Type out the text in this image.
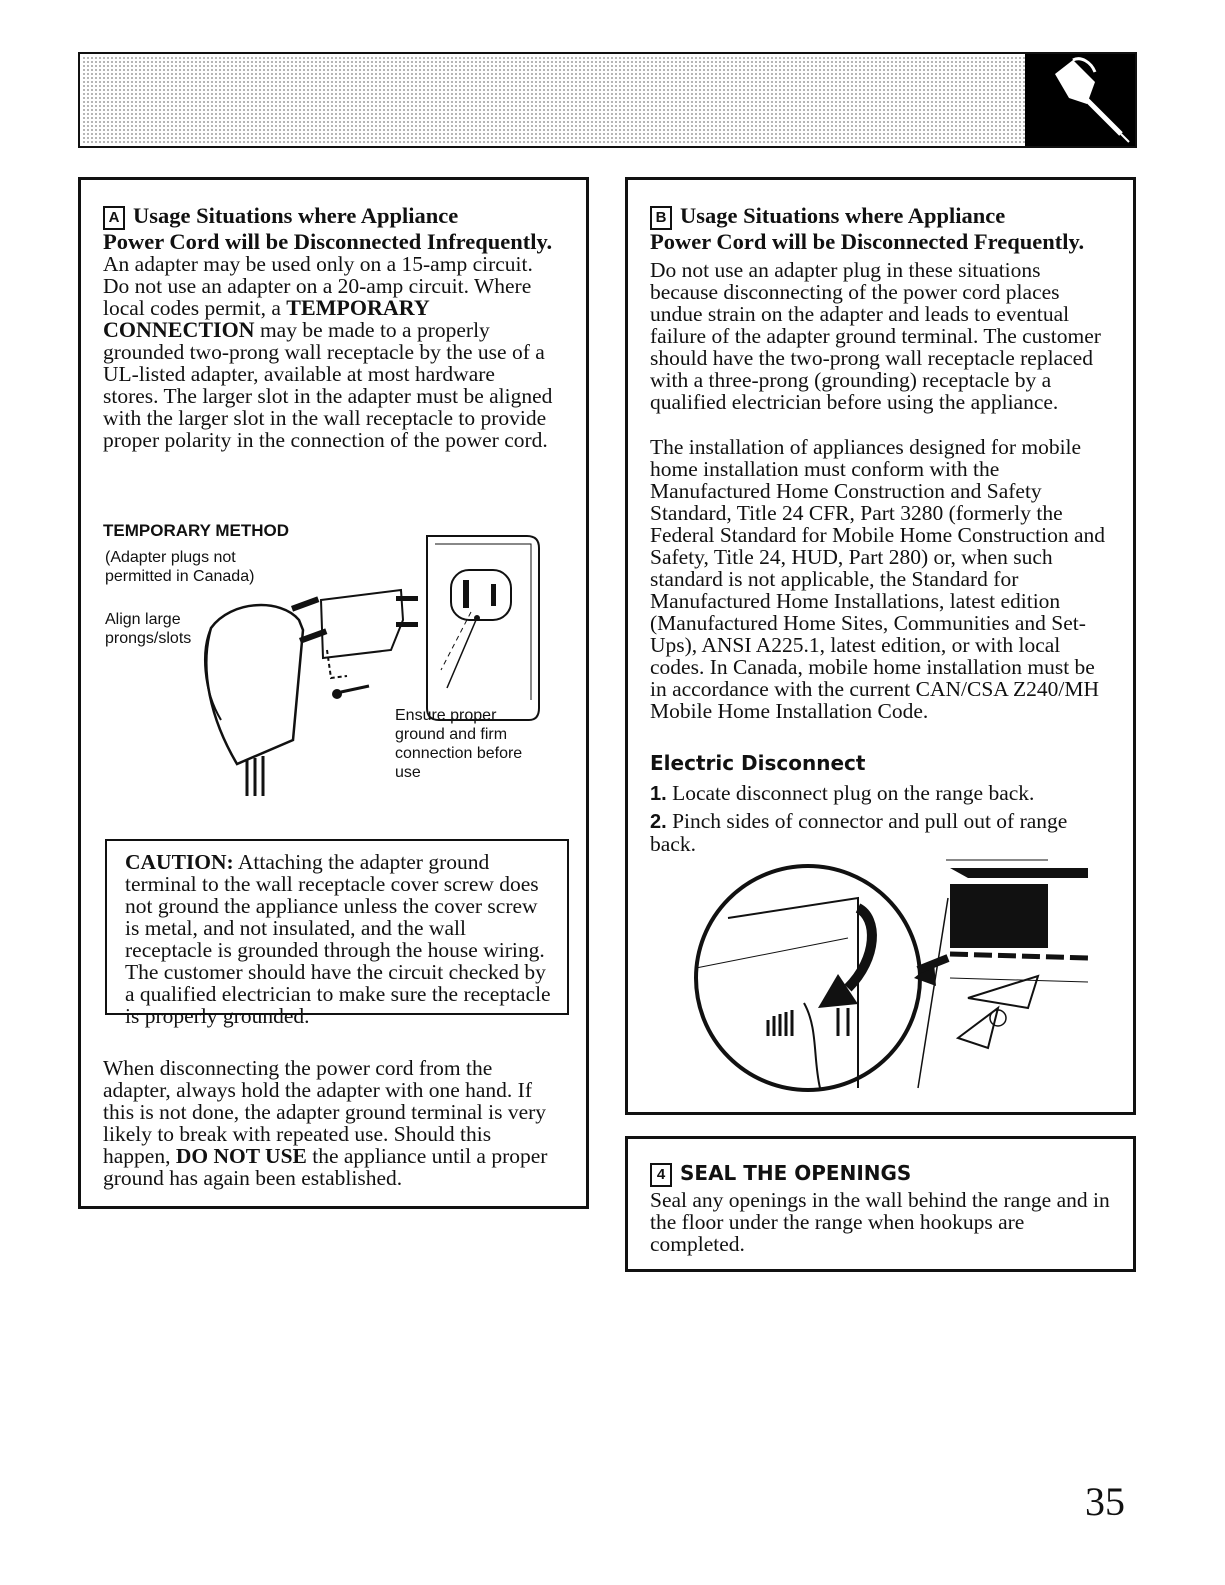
A Usage Situations where Appliance
Power Cord will be Disconnected Infrequently.

An adapter may be used only on a 15-amp circuit. Do not use an adapter on a 20-amp circuit. Where local codes permit, a TEMPORARY CONNECTION may be made to a properly grounded two-prong wall receptacle by the use of a UL-listed adapter, available at most hardware stores. The larger slot in the adapter must be aligned with the larger slot in the wall receptacle to provide proper polarity in the connection of the power cord.

TEMPORARY METHOD
(Adapter plugs not permitted in Canada)
Align large prongs/slots
Ensure proper ground and firm connection before use
CAUTION: Attaching the adapter ground terminal to the wall receptacle cover screw does not ground the appliance unless the cover screw is metal, and not insulated, and the wall receptacle is grounded through the house wiring. The customer should have the circuit checked by a qualified electrician to make sure the receptacle is properly grounded.

When disconnecting the power cord from the adapter, always hold the adapter with one hand. If this is not done, the adapter ground terminal is very likely to break with repeated use. Should this happen, DO NOT USE the appliance until a proper ground has again been established.

B Usage Situations where Appliance
Power Cord will be Disconnected Frequently.

Do not use an adapter plug in these situations because disconnecting of the power cord places undue strain on the adapter and leads to eventual failure of the adapter ground terminal. The customer should have the two-prong wall receptacle replaced with a three-prong (grounding) receptacle by a qualified electrician before using the appliance.

The installation of appliances designed for mobile home installation must conform with the Manufactured Home Construction and Safety Standard, Title 24 CFR, Part 3280 (formerly the Federal Standard for Mobile Home Construction and Safety, Title 24, HUD, Part 280) or, when such standard is not applicable, the Standard for Manufactured Home Installations, latest edition (Manufactured Home Sites, Communities and Set-Ups), ANSI A225.1, latest edition, or with local codes. In Canada, mobile home installation must be in accordance with the current CAN/CSA Z240/MH Mobile Home Installation Code.

Electric Disconnect
1. Locate disconnect plug on the range back.
2. Pinch sides of connector and pull out of range back.
4 SEAL THE OPENINGS

Seal any openings in the wall behind the range and in the floor under the range when hookups are completed.

35
